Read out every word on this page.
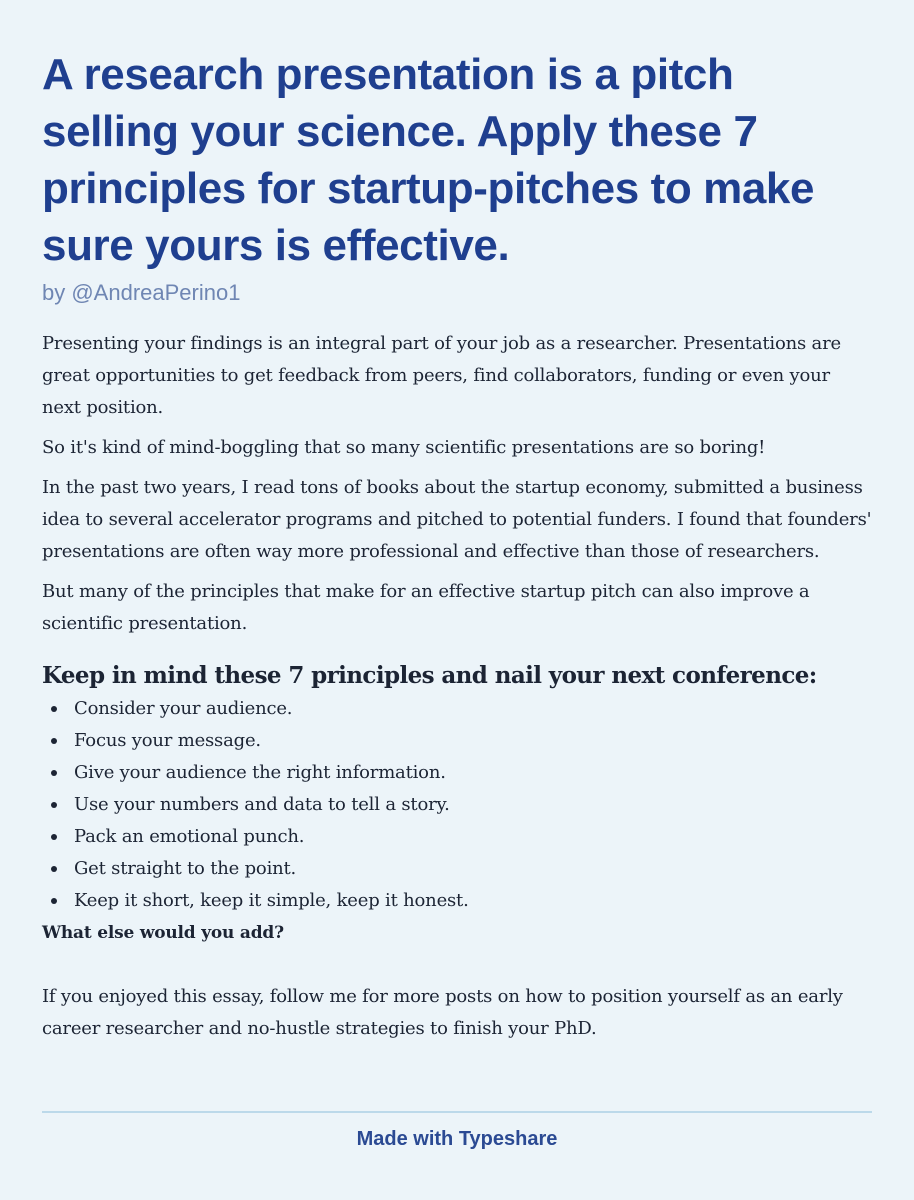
A research presentation is a pitch selling your science. Apply these 7 principles for startup-pitches to make sure yours is effective.
by @AndreaPerino1

Presenting your findings is an integral part of your job as a researcher. Presentations are great opportunities to get feedback from peers, find collaborators, funding or even your next position.

So it's kind of mind-boggling that so many scientific presentations are so boring!

In the past two years, I read tons of books about the startup economy, submitted a business idea to several accelerator programs and pitched to potential funders. I found that founders' presentations are often way more professional and effective than those of researchers.

But many of the principles that make for an effective startup pitch can also improve a scientific presentation.

Keep in mind these 7 principles and nail your next conference:
Consider your audience.
Focus your message.
Give your audience the right information.
Use your numbers and data to tell a story.
Pack an emotional punch.
Get straight to the point.
Keep it short, keep it simple, keep it honest.

What else would you add?

If you enjoyed this essay, follow me for more posts on how to position yourself as an early career researcher and no-hustle strategies to finish your PhD.

Made with Typeshare
